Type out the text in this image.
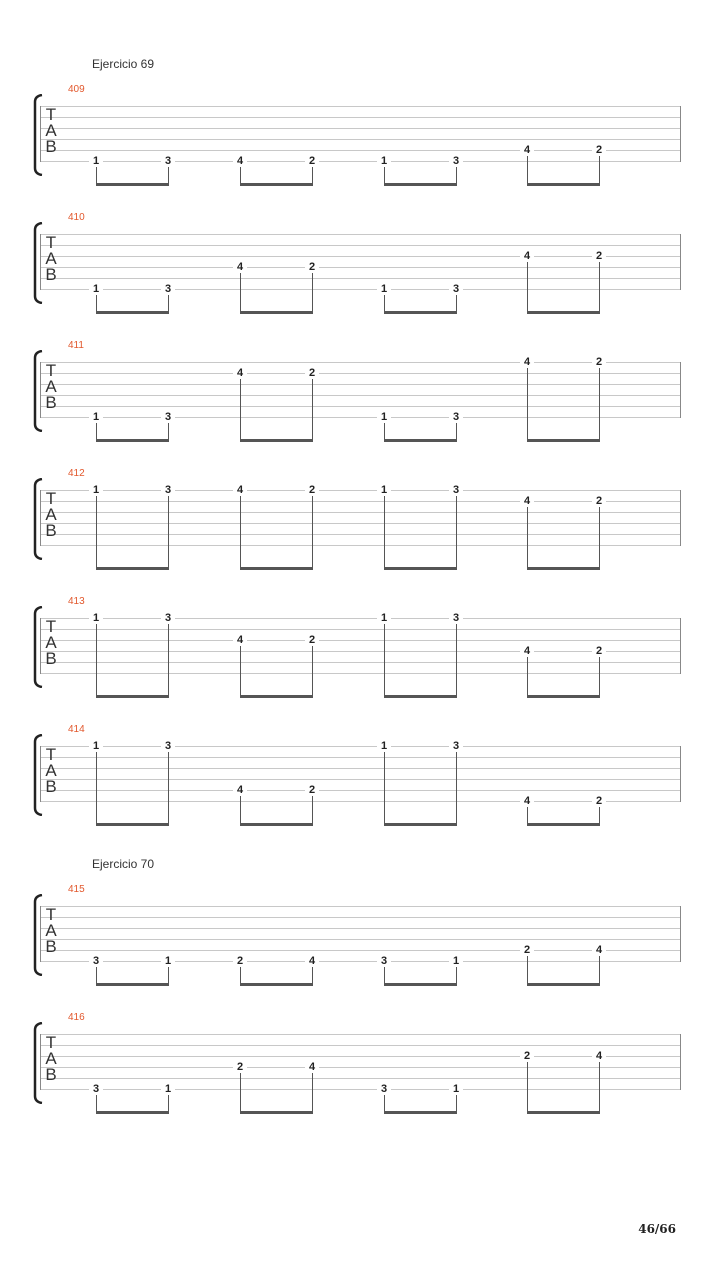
Ejercicio 69
Ejercicio 70
409
T
A
B
1	3	4	2	1	3
4	2
410
T
A
B
1	3
4	2
1	3
4	2
411
T
A
B
1	3
4	2
1	3
4	2
412
T
A
B
1	3	4	2	1	3
4	2
413
T
A
B
1	3
4	2
1	3
4	2
414
T
A
B
1	3
4	2
1	3
4	2
415
T
A
B
3	1	2	4	3	1
2	4
416
T
A
B
3	1
2	4
3	1
2	4
46/66
